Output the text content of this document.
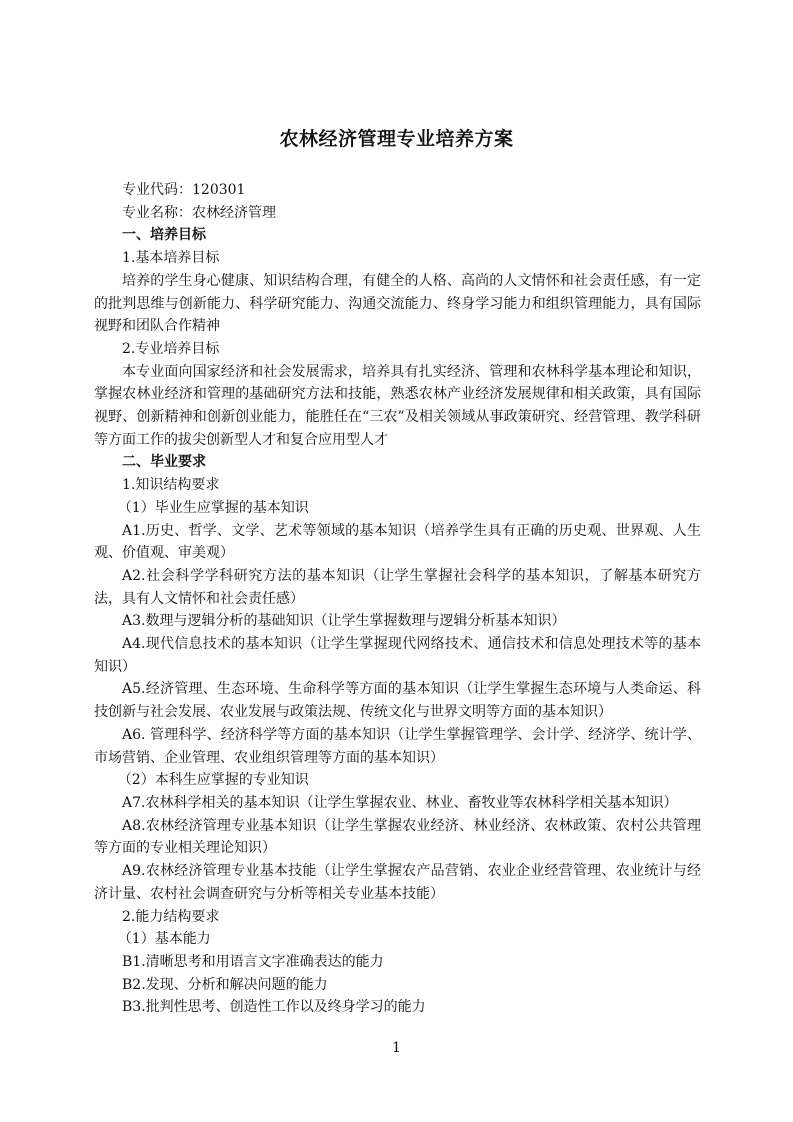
农林经济管理专业培养方案

专业代码：120301

专业名称：农林经济管理

一、培养目标

1.基本培养目标

培养的学生身心健康、知识结构合理，有健全的人格、高尚的人文情怀和社会责任感，有一定的批判思维与创新能力、科学研究能力、沟通交流能力、终身学习能力和组织管理能力，具有国际视野和团队合作精神

2.专业培养目标

本专业面向国家经济和社会发展需求，培养具有扎实经济、管理和农林科学基本理论和知识，掌握农林业经济和管理的基础研究方法和技能，熟悉农林产业经济发展规律和相关政策，具有国际视野、创新精神和创新创业能力，能胜任在“三农”及相关领域从事政策研究、经营管理、教学科研等方面工作的拔尖创新型人才和复合应用型人才

二、毕业要求

1.知识结构要求

（1）毕业生应掌握的基本知识

A1.历史、哲学、文学、艺术等领域的基本知识（培养学生具有正确的历史观、世界观、人生观、价值观、审美观）

A2.社会科学学科研究方法的基本知识（让学生掌握社会科学的基本知识，了解基本研究方法，具有人文情怀和社会责任感）

A3.数理与逻辑分析的基础知识（让学生掌握数理与逻辑分析基本知识）

A4.现代信息技术的基本知识（让学生掌握现代网络技术、通信技术和信息处理技术等的基本知识）

A5.经济管理、生态环境、生命科学等方面的基本知识（让学生掌握生态环境与人类命运、科技创新与社会发展、农业发展与政策法规、传统文化与世界文明等方面的基本知识）

A6. 管理科学、经济科学等方面的基本知识（让学生掌握管理学、会计学、经济学、统计学、市场营销、企业管理、农业组织管理等方面的基本知识）

（2）本科生应掌握的专业知识

A7.农林科学相关的基本知识（让学生掌握农业、林业、畜牧业等农林科学相关基本知识）

A8.农林经济管理专业基本知识（让学生掌握农业经济、林业经济、农林政策、农村公共管理等方面的专业相关理论知识）

A9.农林经济管理专业基本技能（让学生掌握农产品营销、农业企业经营管理、农业统计与经济计量、农村社会调查研究与分析等相关专业基本技能）

2.能力结构要求

（1）基本能力

B1.清晰思考和用语言文字准确表达的能力

B2.发现、分析和解决问题的能力

B3.批判性思考、创造性工作以及终身学习的能力

1
